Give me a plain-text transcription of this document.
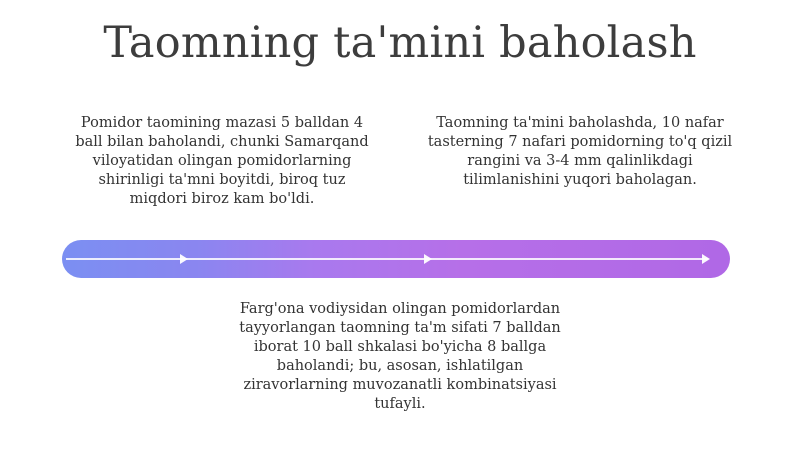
Taomning ta'mini baholash
Pomidor taomining mazasi 5 balldan 4 ball bilan baholandi, chunki Samarqand viloyatidan olingan pomidorlarning shirinligi ta'mni boyitdi, biroq tuz miqdori biroz kam bo'ldi.
Taomning ta'mini baholashda, 10 nafar tasterning 7 nafari pomidorning to'q qizil rangini va 3-4 mm qalinlikdagi tilimlanishini yuqori baholagan.
Farg'ona vodiysidan olingan pomidorlardan tayyorlangan taomning ta'm sifati 7 balldan iborat 10 ball shkalasi bo'yicha 8 ballga baholandi; bu, asosan, ishlatilgan ziravorlarning muvozanatli kombinatsiyasi tufayli.
